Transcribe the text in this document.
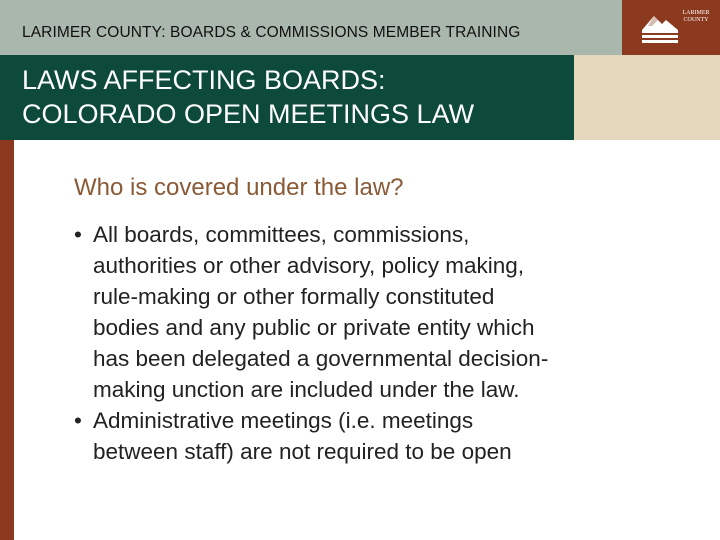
LARIMER COUNTY: BOARDS & COMMISSIONS MEMBER TRAINING
LARIMER
COUNTY
LAWS AFFECTING BOARDS:
COLORADO OPEN MEETINGS LAW
Who is covered under the law?
• All boards, committees, commissions,
authorities or other advisory, policy making,
rule-making or other formally constituted
bodies and any public or private entity which
has been delegated a governmental decision-
making unction are included under the law.
• Administrative meetings (i.e. meetings
between staff) are not required to be open
